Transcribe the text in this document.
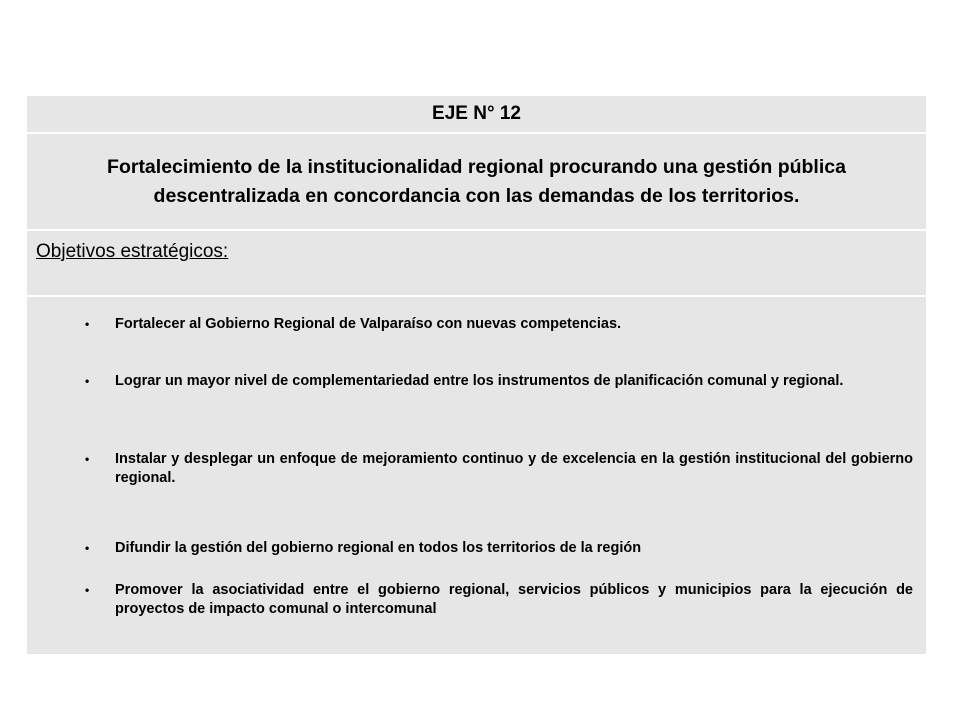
EJE N° 12
Fortalecimiento de la institucionalidad regional procurando una gestión pública descentralizada en concordancia con las demandas de los territorios.
Objetivos estratégicos:
•	Fortalecer al Gobierno Regional de Valparaíso con nuevas competencias.
•	Lograr un mayor nivel de complementariedad entre los instrumentos de planificación comunal y regional.
•	Instalar y desplegar un enfoque de mejoramiento continuo y de excelencia en la gestión institucional del gobierno regional.
•	Difundir la gestión del gobierno regional en todos los territorios de la región
•	Promover la asociatividad entre el gobierno regional, servicios públicos y municipios para la ejecución de proyectos de impacto comunal o intercomunal
